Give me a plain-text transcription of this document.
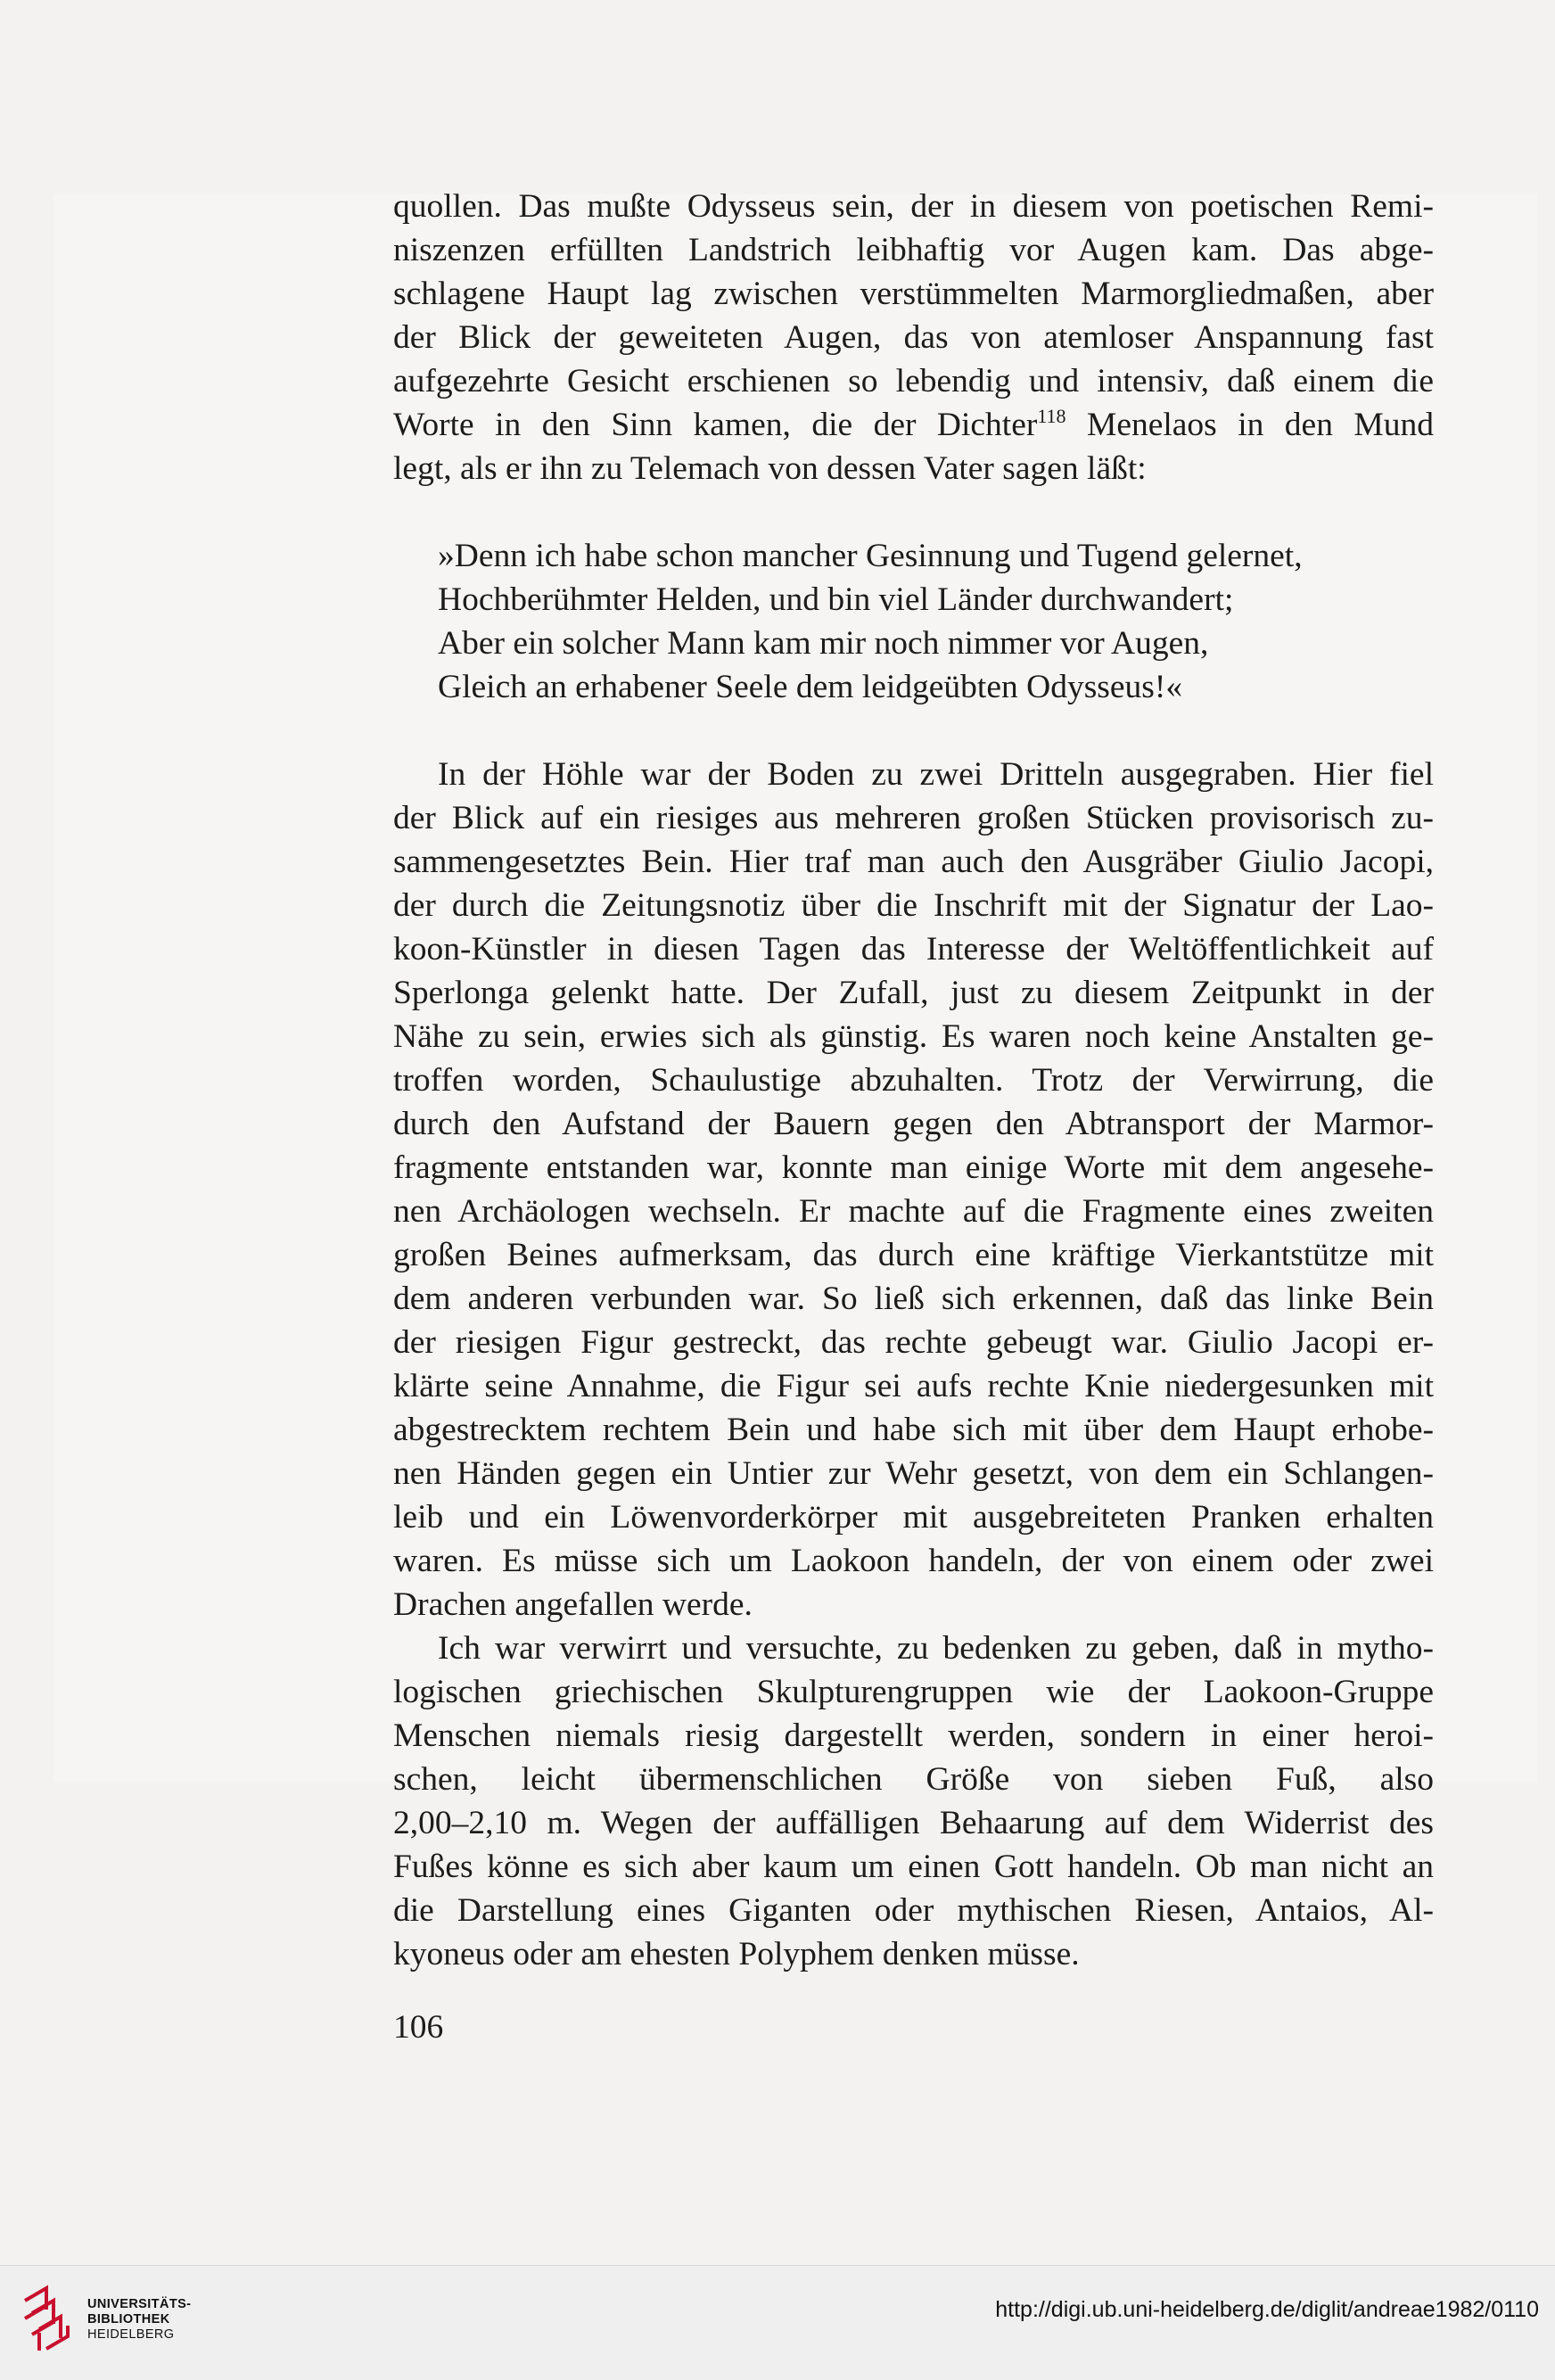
quollen. Das mußte Odysseus sein, der in diesem von poetischen Remi-
niszenzen erfüllten Landstrich leibhaftig vor Augen kam. Das abge-
schlagene Haupt lag zwischen verstümmelten Marmorgliedmaßen, aber
der Blick der geweiteten Augen, das von atemloser Anspannung fast
aufgezehrte Gesicht erschienen so lebendig und intensiv, daß einem die
Worte in den Sinn kamen, die der Dichter$^{118}$ Menelaos in den Mund
legt, als er ihn zu Telemach von dessen Vater sagen läßt:
»Denn ich habe schon mancher Gesinnung und Tugend gelernet,
Hochberühmter Helden, und bin viel Länder durchwandert;
Aber ein solcher Mann kam mir noch nimmer vor Augen,
Gleich an erhabener Seele dem leidgeübten Odysseus!«
In der Höhle war der Boden zu zwei Dritteln ausgegraben. Hier fiel
der Blick auf ein riesiges aus mehreren großen Stücken provisorisch zu-
sammengesetztes Bein. Hier traf man auch den Ausgräber Giulio Jacopi,
der durch die Zeitungsnotiz über die Inschrift mit der Signatur der Lao-
koon-Künstler in diesen Tagen das Interesse der Weltöffentlichkeit auf
Sperlonga gelenkt hatte. Der Zufall, just zu diesem Zeitpunkt in der
Nähe zu sein, erwies sich als günstig. Es waren noch keine Anstalten ge-
troffen worden, Schaulustige abzuhalten. Trotz der Verwirrung, die
durch den Aufstand der Bauern gegen den Abtransport der Marmor-
fragmente entstanden war, konnte man einige Worte mit dem angesehe-
nen Archäologen wechseln. Er machte auf die Fragmente eines zweiten
großen Beines aufmerksam, das durch eine kräftige Vierkantstütze mit
dem anderen verbunden war. So ließ sich erkennen, daß das linke Bein
der riesigen Figur gestreckt, das rechte gebeugt war. Giulio Jacopi er-
klärte seine Annahme, die Figur sei aufs rechte Knie niedergesunken mit
abgestrecktem rechtem Bein und habe sich mit über dem Haupt erhobe-
nen Händen gegen ein Untier zur Wehr gesetzt, von dem ein Schlangen-
leib und ein Löwenvorderkörper mit ausgebreiteten Pranken erhalten
waren. Es müsse sich um Laokoon handeln, der von einem oder zwei
Drachen angefallen werde.
Ich war verwirrt und versuchte, zu bedenken zu geben, daß in mytho-
logischen griechischen Skulpturengruppen wie der Laokoon-Gruppe
Menschen niemals riesig dargestellt werden, sondern in einer heroi-
schen, leicht übermenschlichen Größe von sieben Fuß, also
2,00–2,10 m. Wegen der auffälligen Behaarung auf dem Widerrist des
Fußes könne es sich aber kaum um einen Gott handeln. Ob man nicht an
die Darstellung eines Giganten oder mythischen Riesen, Antaios, Al-
kyoneus oder am ehesten Polyphem denken müsse.
106
UNIVERSITÄTS-
BIBLIOTHEK
HEIDELBERG
http://digi.ub.uni-heidelberg.de/diglit/andreae1982/0110
